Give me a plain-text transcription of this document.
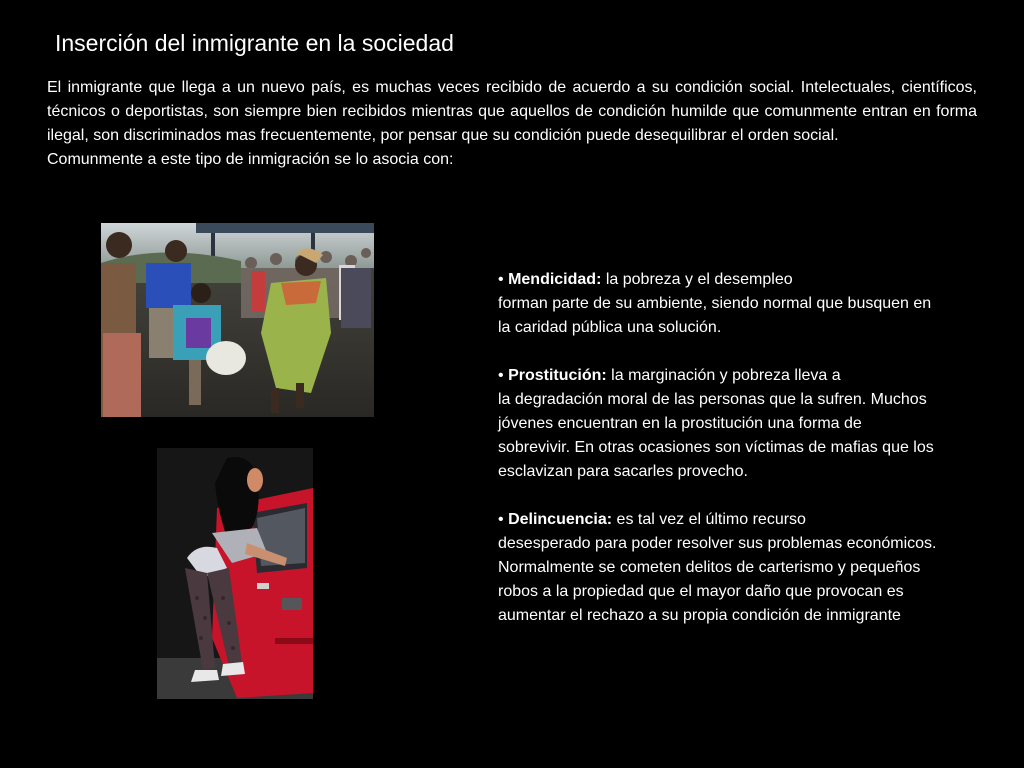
Inserción del inmigrante en la sociedad

El inmigrante que llega a un nuevo país, es muchas veces recibido de acuerdo a su condición social. Intelectuales, científicos, técnicos o deportistas, son siempre bien recibidos mientras que aquellos de condición humilde que comunmente entran en forma ilegal, son discriminados mas frecuentemente, por pensar que su condición puede desequilibrar el orden social.

Comunmente a este tipo de inmigración se lo asocia con:

• Mendicidad: la pobreza y el desempleo
forman parte de su ambiente, siendo normal que busquen en la caridad pública una solución.
• Prostitución: la marginación y pobreza lleva a
la degradación moral de las personas que la sufren. Muchos jóvenes encuentran en la prostitución una forma de sobrevivir. En otras ocasiones son víctimas de mafias que los esclavizan para sacarles provecho.
• Delincuencia: es tal vez el último recurso
desesperado para poder resolver sus problemas económicos. Normalmente se cometen delitos de carterismo y pequeños robos a la propiedad que el mayor daño que provocan es aumentar el rechazo a su propia condición de inmigrante
